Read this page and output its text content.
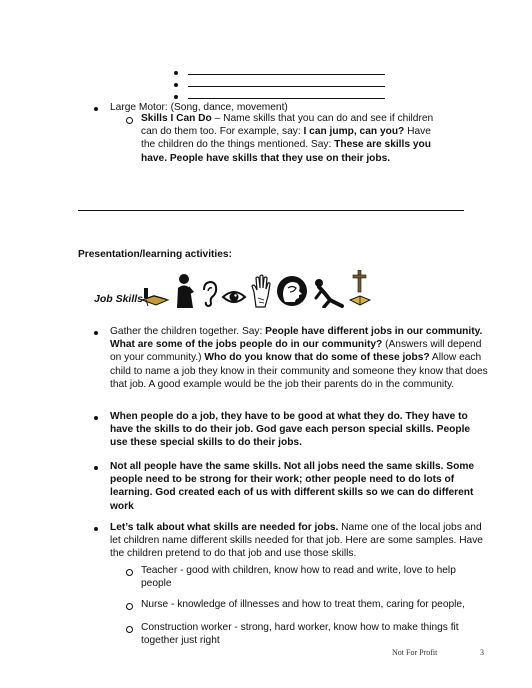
Large Motor: (Song, dance, movement)
Skills I Can Do – Name skills that you can do and see if children can do them too. For example, say: I can jump, can you? Have the children do the things mentioned. Say: These are skills you have. People have skills that they use on their jobs.
Presentation/learning activities:
Job Skills
Gather the children together. Say: People have different jobs in our community. What are some of the jobs people do in our community? (Answers will depend on your community.) Who do you know that do some of these jobs? Allow each child to name a job they know in their community and someone they know that does that job. A good example would be the job their parents do in the community.
When people do a job, they have to be good at what they do. They have to have the skills to do their job. God gave each person special skills. People use these special skills to do their jobs.
Not all people have the same skills. Not all jobs need the same skills. Some people need to be strong for their work; other people need to do lots of learning. God created each of us with different skills so we can do different work
Let’s talk about what skills are needed for jobs. Name one of the local jobs and let children name different skills needed for that job. Here are some samples. Have the children pretend to do that job and use those skills.
Teacher - good with children, know how to read and write, love to help people
Nurse - knowledge of illnesses and how to treat them, caring for people,
Construction worker - strong, hard worker, know how to make things fit together just right
Not For Profit	3
